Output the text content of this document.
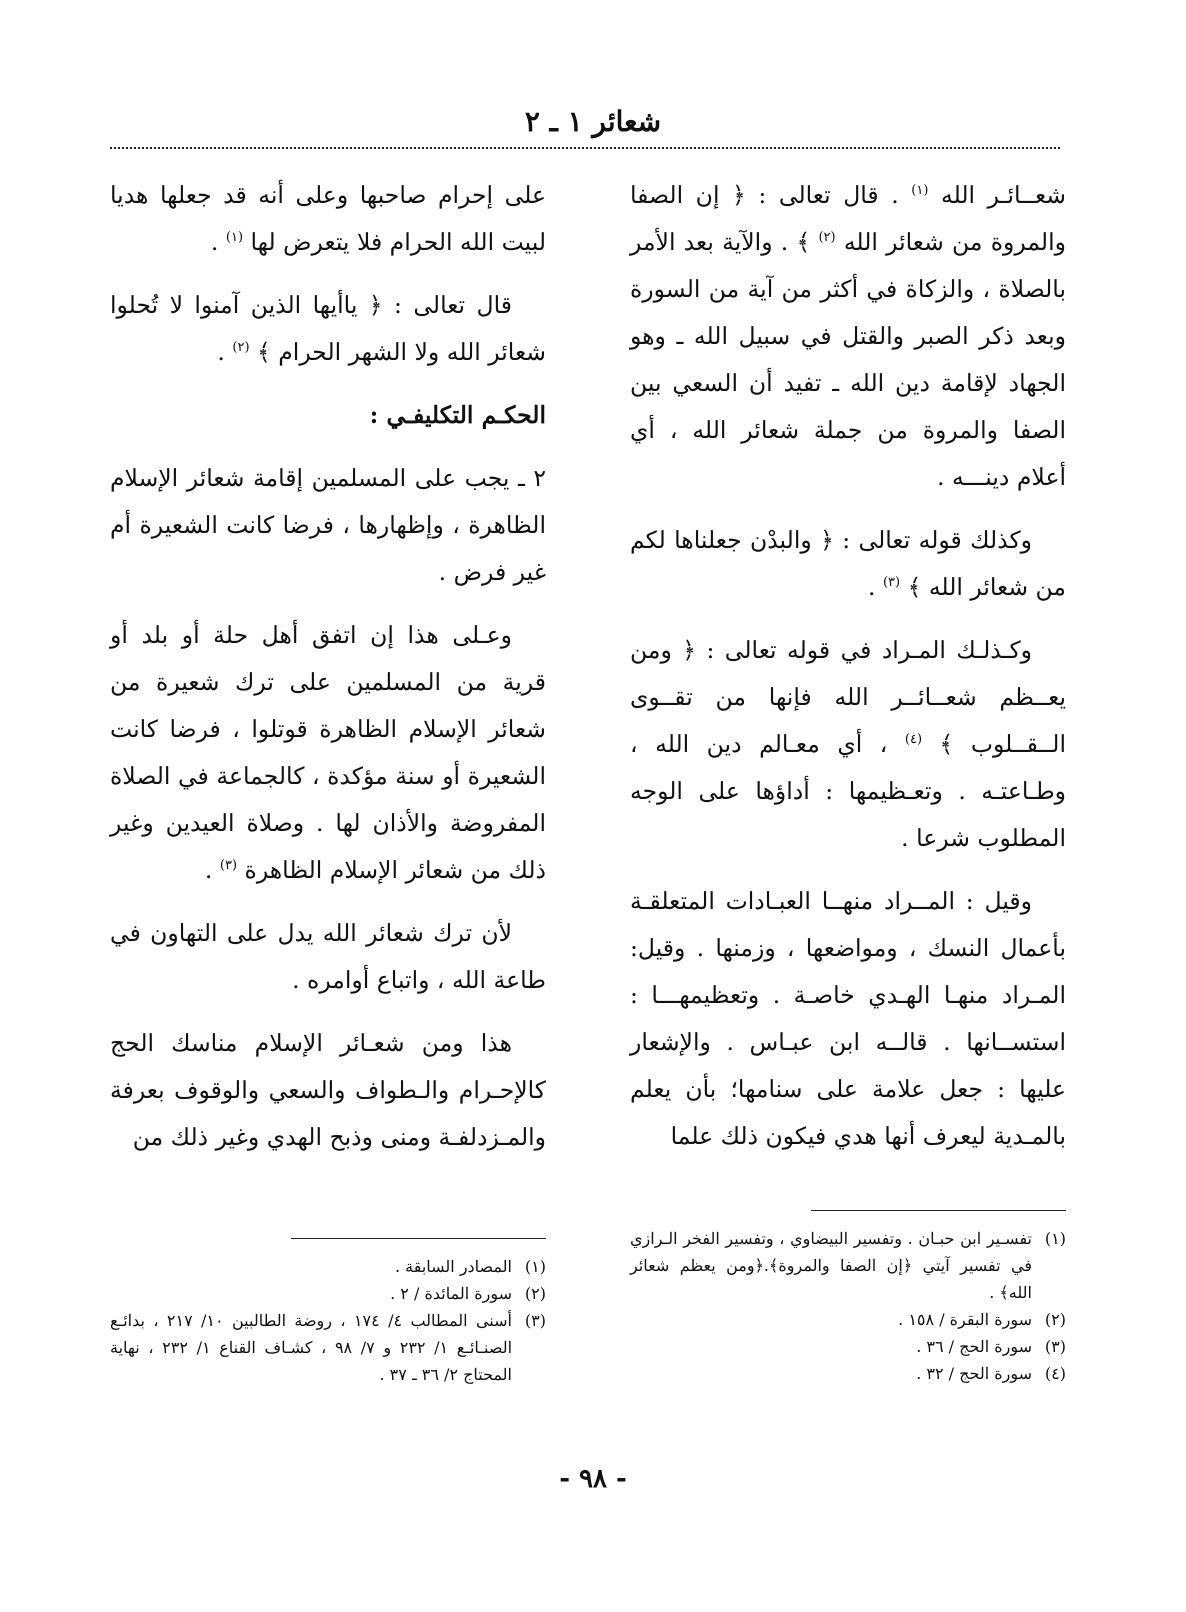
شعائر ١ ـ ٢

شعــائـر الله $^{(١)}$ . قال تعالى : ﴿ إن الصفا والمروة من شعائر الله $^{(٢)}$ ﴾ . والآية بعد الأمر بالصلاة ، والزكاة في أكثر من آية من السورة وبعد ذكر الصبر والقتل في سبيل الله ـ وهو الجهاد لإقامة دين الله ـ تفيد أن السعي بين الصفا والمروة من جملة شعائر الله ، أي أعلام دينـــه .

وكذلك قوله تعالى : ﴿ والبدْن جعلناها لكم من شعائر الله ﴾ $^{(٣)}$ .

وكـذلـك المـراد في قوله تعالى : ﴿ ومن يعــظم شعــائــر الله فإنها من تقــوى الــقــلوب ﴾ $^{(٤)}$ ، أي معـالم دين الله ، وطـاعتـه . وتعـظيمها : أداؤها على الوجه المطلوب شرعا .

وقيل : المــراد منهــا العبـادات المتعلقـة بأعمال النسك ، ومواضعها ، وزمنها . وقيل: المـراد منهـا الهـدي خاصـة . وتعظيمهـــا : استســانها . قالــه ابن عبـاس . والإشعار عليها : جعل علامة على سنامها؛ بأن يعلم بالمـدية ليعرف أنها هدي فيكون ذلك علما

على إحرام صاحبها وعلى أنه قد جعلها هديا لبيت الله الحرام فلا يتعرض لها $^{(١)}$ .

قال تعالى : ﴿ ياأيها الذين آمنوا لا تُحلوا شعائر الله ولا الشهر الحرام ﴾ $^{(٢)}$ .

الحكـم التكليفـي :

٢ ـ يجب على المسلمين إقامة شعائر الإسلام الظاهرة ، وإظهارها ، فرضا كانت الشعيرة أم غير فرض .

وعـلى هذا إن اتفق أهل حلة أو بلد أو قرية من المسلمين على ترك شعيرة من شعائر الإسلام الظاهرة قوتلوا ، فرضا كانت الشعيرة أو سنة مؤكدة ، كالجماعة في الصلاة المفروضة والأذان لها . وصلاة العيدين وغير ذلك من شعائر الإسلام الظاهرة $^{(٣)}$ .

لأن ترك شعائر الله يدل على التهاون في طاعة الله ، واتباع أوامره .

هذا ومن شعـائر الإسلام مناسك الحج كالإحـرام والـطواف والسعي والوقوف بعرفة والمـزدلفـة ومنى وذبح الهدي وغير ذلك من

(١)
تفسـير ابن حبـان . وتفسير البيضاوي ، وتفسير الفخر الـرازي في تفسير آيتي ﴿إن الصفا والمروة﴾.﴿ومن يعظم شعائر الله﴾ .
(٢)
سورة البقرة / ١٥٨ .
(٣)
سورة الحج / ٣٦ .
(٤)
سورة الحج / ٣٢ .
(١)
المصادر السابقة .
(٢)
سورة المائدة / ٢ .
(٣)
أسنى المطالب ٤/ ١٧٤ ، روضة الطالبين ١٠/ ٢١٧ ، بدائـع الصنـائـع ١/ ٢٣٢ و ٧/ ٩٨ ، كشـاف القناع ١/ ٢٣٢ ، نهاية المحتاج ٢/ ٣٦ ـ ٣٧ .
- ٩٨ -
